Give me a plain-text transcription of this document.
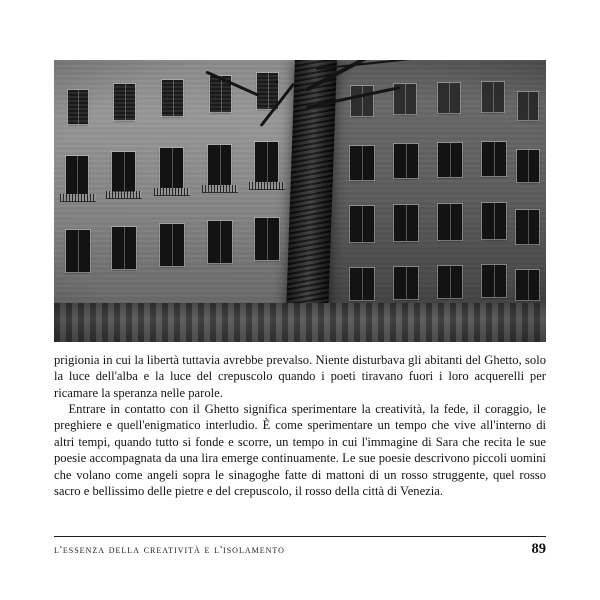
prigionia in cui la libertà tuttavia avrebbe prevalso. Niente disturbava gli abitanti del Ghetto, solo la luce dell'alba e la luce del crepuscolo quando i poeti tiravano fuori i loro acquerelli per ricamare la speranza nelle parole.

Entrare in contatto con il Ghetto significa sperimentare la creatività, la fede, il coraggio, le preghiere e quell'enigmatico interludio. È come sperimentare un tempo che vive all'interno di altri tempi, quando tutto si fonde e scorre, un tempo in cui l'immagine di Sara che recita le sue poesie accompagnata da una lira emerge continuamente. Le sue poesie descrivono piccoli uomini che volano come angeli sopra le sinagoghe fatte di mattoni di un rosso struggente, quel rosso sacro e bellissimo delle pietre e del crepuscolo, il rosso della città di Venezia.

l'essenza della creatività e l'isolamento	89
